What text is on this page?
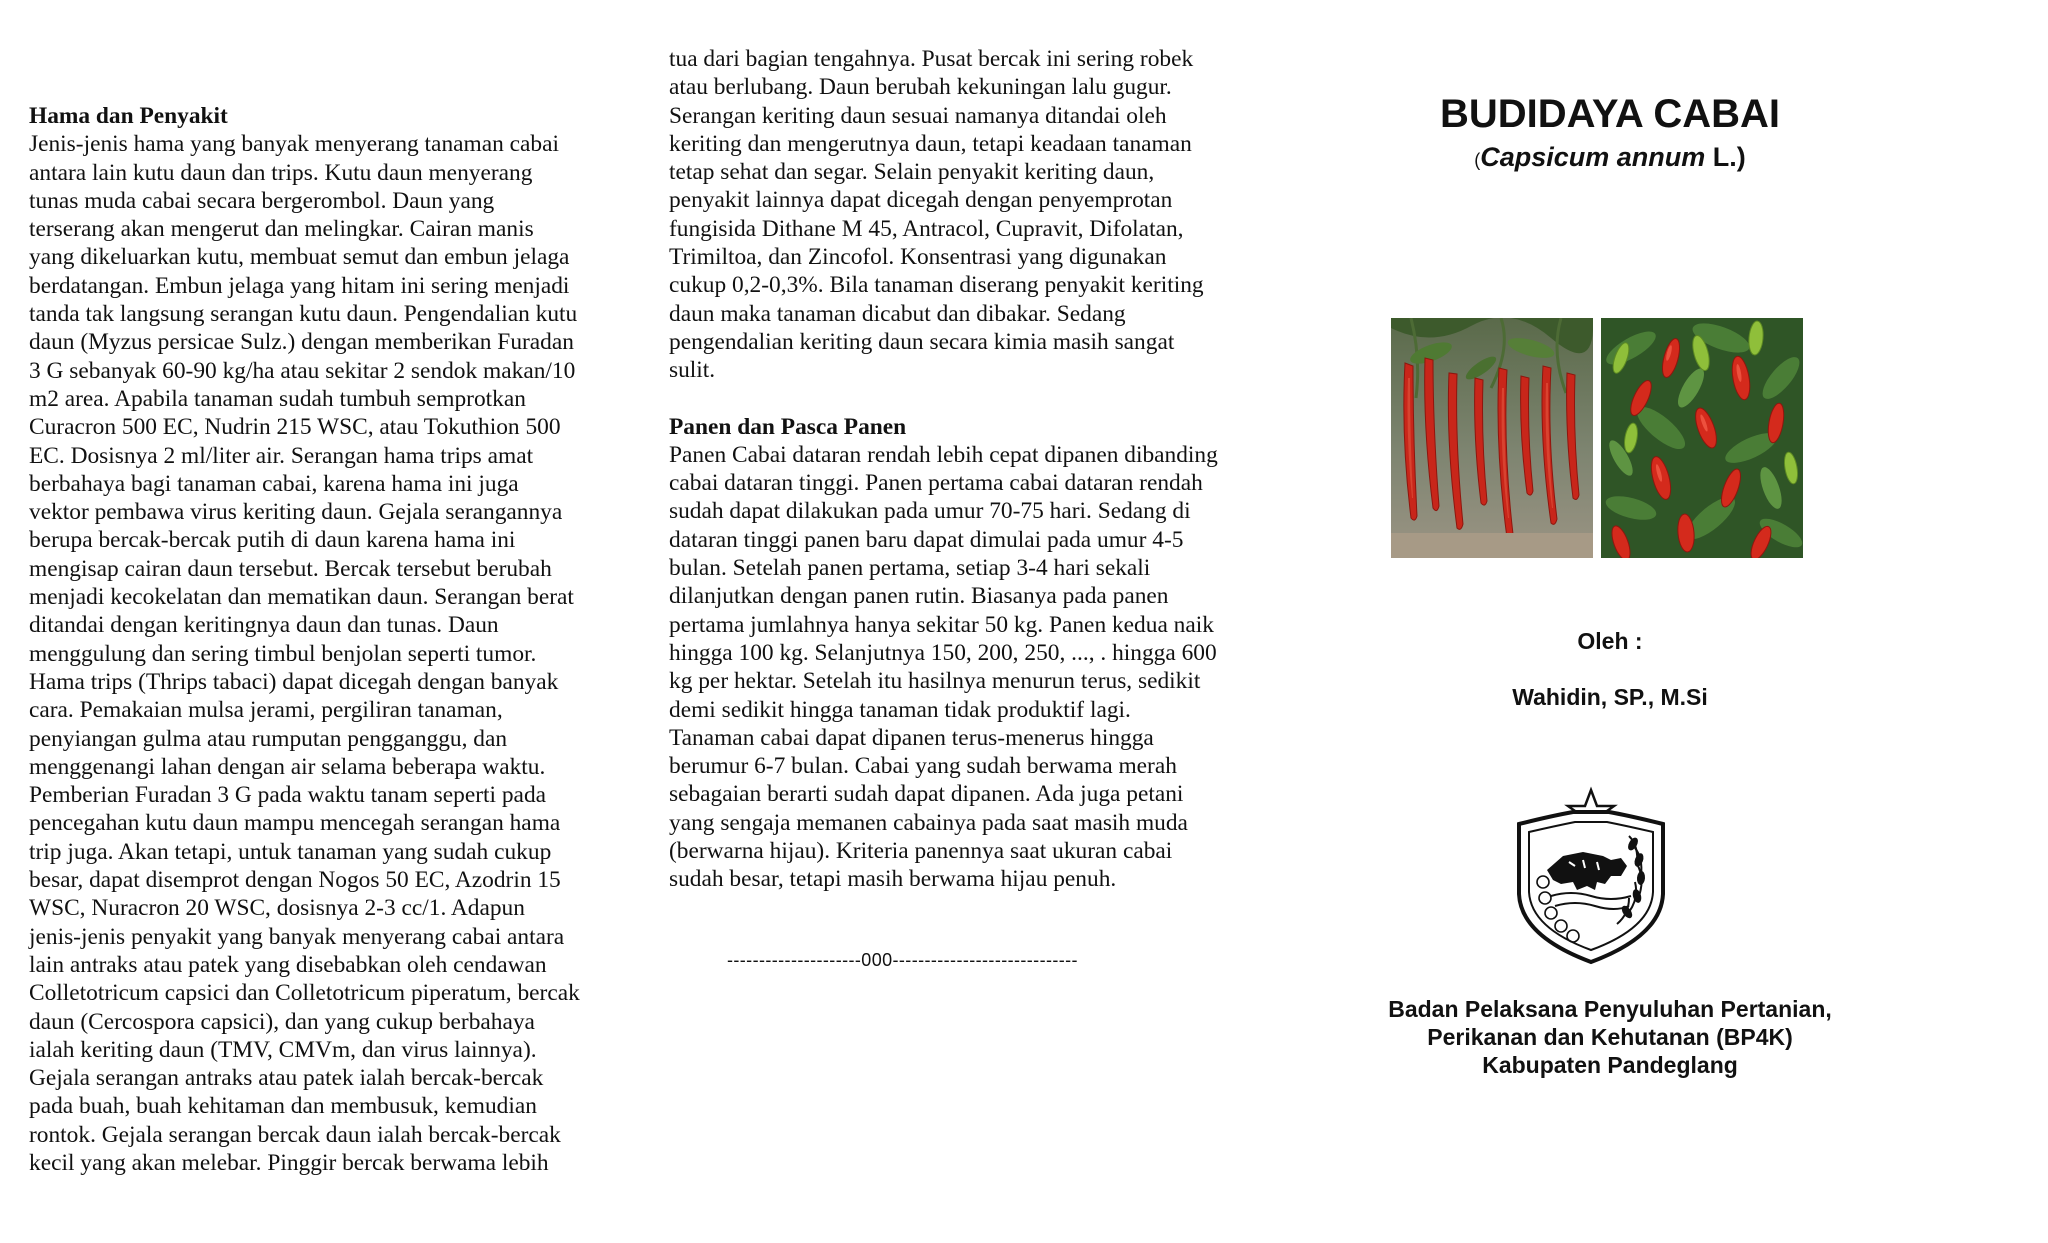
Hama dan Penyakit

Jenis-jenis hama yang banyak menyerang tanaman cabai

antara lain kutu daun dan trips. Kutu daun menyerang

tunas muda cabai secara bergerombol. Daun yang

terserang akan mengerut dan melingkar. Cairan manis

yang dikeluarkan kutu, membuat semut dan embun jelaga

berdatangan. Embun jelaga yang hitam ini sering menjadi

tanda tak langsung serangan kutu daun. Pengendalian kutu

daun (Myzus persicae Sulz.) dengan memberikan Furadan

3 G sebanyak 60-90 kg/ha atau sekitar 2 sendok makan/10

m2 area. Apabila tanaman sudah tumbuh semprotkan

Curacron 500 EC, Nudrin 215 WSC, atau Tokuthion 500

EC. Dosisnya 2 ml/liter air. Serangan hama trips amat

berbahaya bagi tanaman cabai, karena hama ini juga

vektor pembawa virus keriting daun. Gejala serangannya

berupa bercak-bercak putih di daun karena hama ini

mengisap cairan daun tersebut. Bercak tersebut berubah

menjadi kecokelatan dan mematikan daun. Serangan berat

ditandai dengan keritingnya daun dan tunas. Daun

menggulung dan sering timbul benjolan seperti tumor.

Hama trips (Thrips tabaci) dapat dicegah dengan banyak

cara. Pemakaian mulsa jerami, pergiliran tanaman,

penyiangan gulma atau rumputan pengganggu, dan

menggenangi lahan dengan air selama beberapa waktu.

Pemberian Furadan 3 G pada waktu tanam seperti pada

pencegahan kutu daun mampu mencegah serangan hama

trip juga. Akan tetapi, untuk tanaman yang sudah cukup

besar, dapat disemprot dengan Nogos 50 EC, Azodrin 15

WSC, Nuracron 20 WSC, dosisnya 2-3 cc/1. Adapun

jenis-jenis penyakit yang banyak menyerang cabai antara

lain antraks atau patek yang disebabkan oleh cendawan

Colletotricum capsici dan Colletotricum piperatum, bercak

daun (Cercospora capsici), dan yang cukup berbahaya

ialah keriting daun (TMV, CMVm, dan virus lainnya).

Gejala serangan antraks atau patek ialah bercak-bercak

pada buah, buah kehitaman dan membusuk, kemudian

rontok. Gejala serangan bercak daun ialah bercak-bercak

kecil yang akan melebar. Pinggir bercak berwama lebih

tua dari bagian tengahnya. Pusat bercak ini sering robek

atau berlubang. Daun berubah kekuningan lalu gugur.

Serangan keriting daun sesuai namanya ditandai oleh

keriting dan mengerutnya daun, tetapi keadaan tanaman

tetap sehat dan segar. Selain penyakit keriting daun,

penyakit lainnya dapat dicegah dengan penyemprotan

fungisida Dithane M 45, Antracol, Cupravit, Difolatan,

Trimiltoa, dan Zincofol. Konsentrasi yang digunakan

cukup 0,2-0,3%. Bila tanaman diserang penyakit keriting

daun maka tanaman dicabut dan dibakar. Sedang

pengendalian keriting daun secara kimia masih sangat

sulit.

Panen dan Pasca Panen

Panen Cabai dataran rendah lebih cepat dipanen dibanding

cabai dataran tinggi. Panen pertama cabai dataran rendah

sudah dapat dilakukan pada umur 70-75 hari. Sedang di

dataran tinggi panen baru dapat dimulai pada umur 4-5

bulan. Setelah panen pertama, setiap 3-4 hari sekali

dilanjutkan dengan panen rutin. Biasanya pada panen

pertama jumlahnya hanya sekitar 50 kg. Panen kedua naik

hingga 100 kg. Selanjutnya 150, 200, 250, ..., . hingga 600

kg per hektar. Setelah itu hasilnya menurun terus, sedikit

demi sedikit hingga tanaman tidak produktif lagi.

Tanaman cabai dapat dipanen terus-menerus hingga

berumur 6-7 bulan. Cabai yang sudah berwama merah

sebagaian berarti sudah dapat dipanen. Ada juga petani

yang sengaja memanen cabainya pada saat masih muda

(berwarna hijau). Kriteria panennya saat ukuran cabai

sudah besar, tetapi masih berwama hijau penuh.

---------------------000-----------------------------
BUDIDAYA CABAI
(Capsicum annum L.)
Oleh :
Wahidin, SP., M.Si
Badan Pelaksana Penyuluhan Pertanian,
Perikanan dan Kehutanan (BP4K)
Kabupaten Pandeglang
